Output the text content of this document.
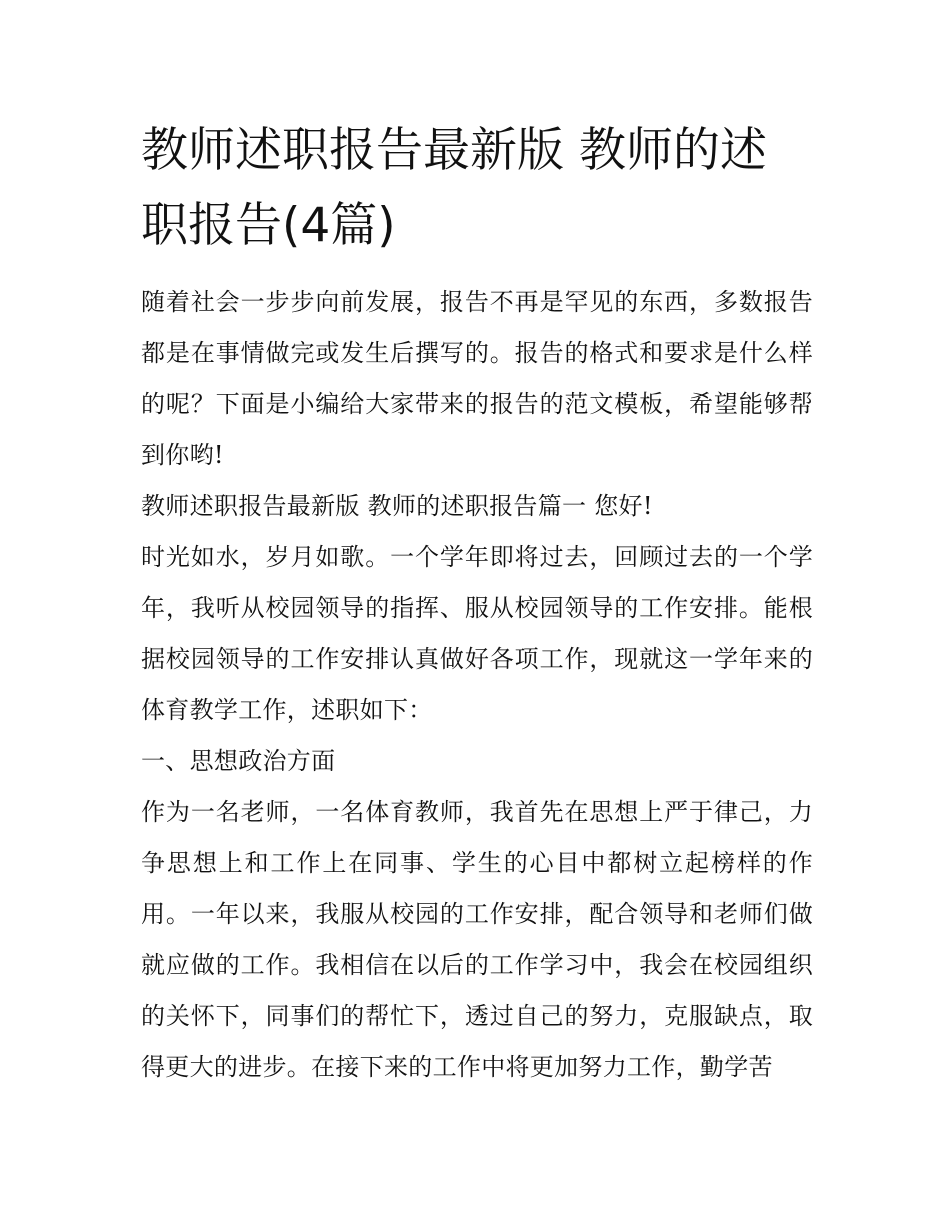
教师述职报告最新版 教师的述职报告(4篇)

随着社会一步步向前发展，报告不再是罕见的东西，多数报告都是在事情做完或发生后撰写的。报告的格式和要求是什么样的呢？下面是小编给大家带来的报告的范文模板，希望能够帮到你哟!

教师述职报告最新版 教师的述职报告篇一 您好!

时光如水，岁月如歌。一个学年即将过去，回顾过去的一个学年，我听从校园领导的指挥、服从校园领导的工作安排。能根据校园领导的工作安排认真做好各项工作，现就这一学年来的体育教学工作，述职如下：

一、思想政治方面

作为一名老师，一名体育教师，我首先在思想上严于律己，力争思想上和工作上在同事、学生的心目中都树立起榜样的作用。一年以来，我服从校园的工作安排，配合领导和老师们做就应做的工作。我相信在以后的工作学习中，我会在校园组织的关怀下，同事们的帮忙下，透过自己的努力，克服缺点，取得更大的进步。在接下来的工作中将更加努力工作，勤学苦
